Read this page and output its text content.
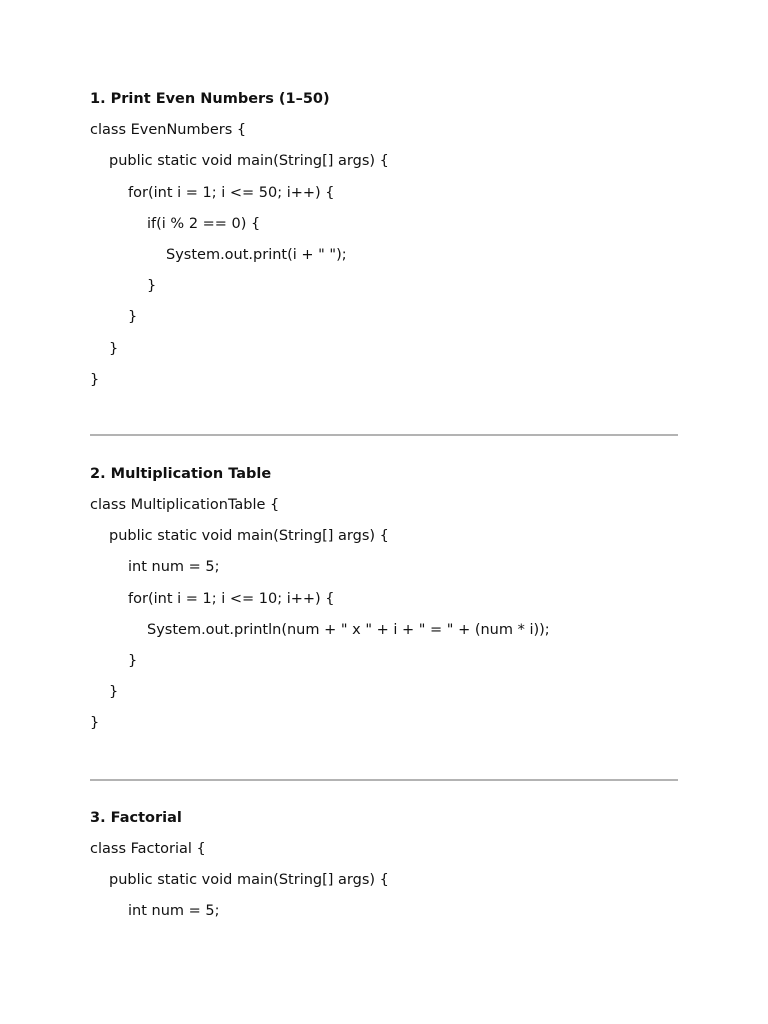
1. Print Even Numbers (1–50)
class EvenNumbers {
public static void main(String[] args) {
for(int i = 1; i <= 50; i++) {
if(i % 2 == 0) {
System.out.print(i + " ");
}
}
}
}
2. Multiplication Table
class MultiplicationTable {
public static void main(String[] args) {
int num = 5;
for(int i = 1; i <= 10; i++) {
System.out.println(num + " x " + i + " = " + (num * i));
}
}
}
3. Factorial
class Factorial {
public static void main(String[] args) {
int num = 5;
